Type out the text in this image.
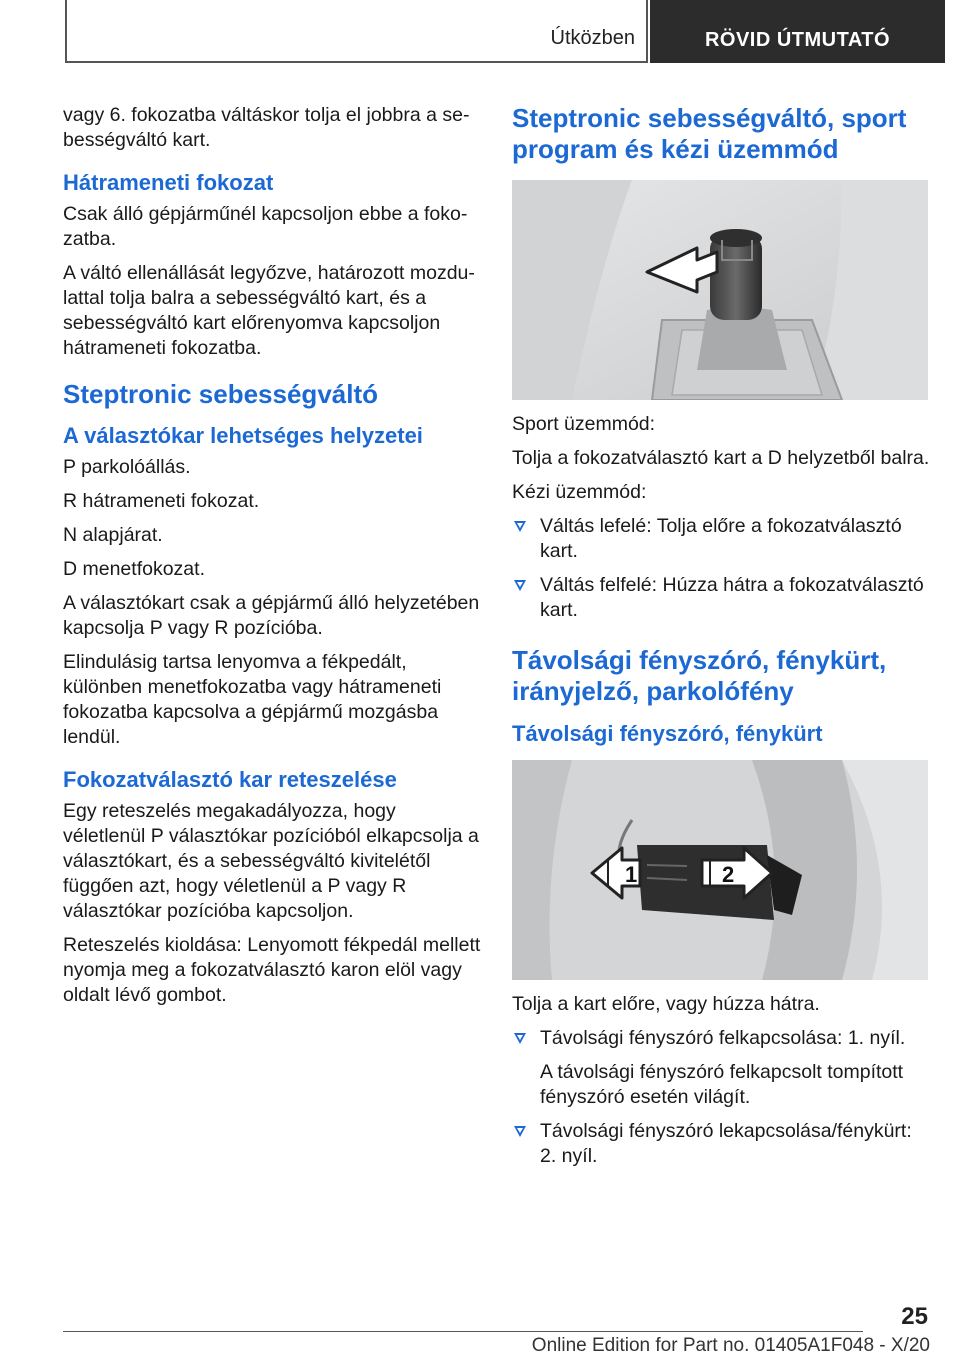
Útközben	RÖVID ÚTMUTATÓ

vagy 6. fokozatba váltáskor tolja el jobbra a sebességváltó kart.

Hátrameneti fokozat

Csak álló gépjárműnél kapcsoljon ebbe a fokozatba.

A váltó ellenállását legyőzve, határozott mozdulattal tolja balra a sebességváltó kart, és a sebességváltó kart előrenyomva kapcsoljon hátrameneti fokozatba.

Steptronic sebességváltó
A választókar lehetséges helyzetei

P parkolóállás.

R hátrameneti fokozat.

N alapjárat.

D menetfokozat.

A választókart csak a gépjármű álló helyzetében kapcsolja P vagy R pozícióba.

Elindulásig tartsa lenyomva a fékpedált, különben menetfokozatba vagy hátrameneti fokozatba kapcsolva a gépjármű mozgásba lendül.

Fokozatválasztó kar reteszelése

Egy reteszelés megakadályozza, hogy véletlenül P választókar pozícióból elkapcsolja a választókart, és a sebességváltó kivitelétől függően azt, hogy véletlenül a P vagy R választókar pozícióba kapcsoljon.

Reteszelés kioldása: Lenyomott fékpedál mellett nyomja meg a fokozatválasztó karon elöl vagy oldalt lévő gombot.

Steptronic sebességváltó, sport program és kézi üzemmód

Sport üzemmód:

Tolja a fokozatválasztó kart a D helyzetből balra.

Kézi üzemmód:

Váltás lefelé: Tolja előre a fokozatválasztó kart.
Váltás felfelé: Húzza hátra a fokozatválasztó kart.
Távolsági fényszóró, fénykürt, irányjelző, parkolófény
Távolsági fényszóró, fénykürt
1	2

Tolja a kart előre, vagy húzza hátra.

Távolsági fényszóró felkapcsolása: 1. nyíl.
A távolsági fényszóró felkapcsolt tompított fényszóró esetén világít.
Távolsági fényszóró lekapcsolása/fénykürt: 2. nyíl.
25
Online Edition for Part no. 01405A1F048 - X/20
